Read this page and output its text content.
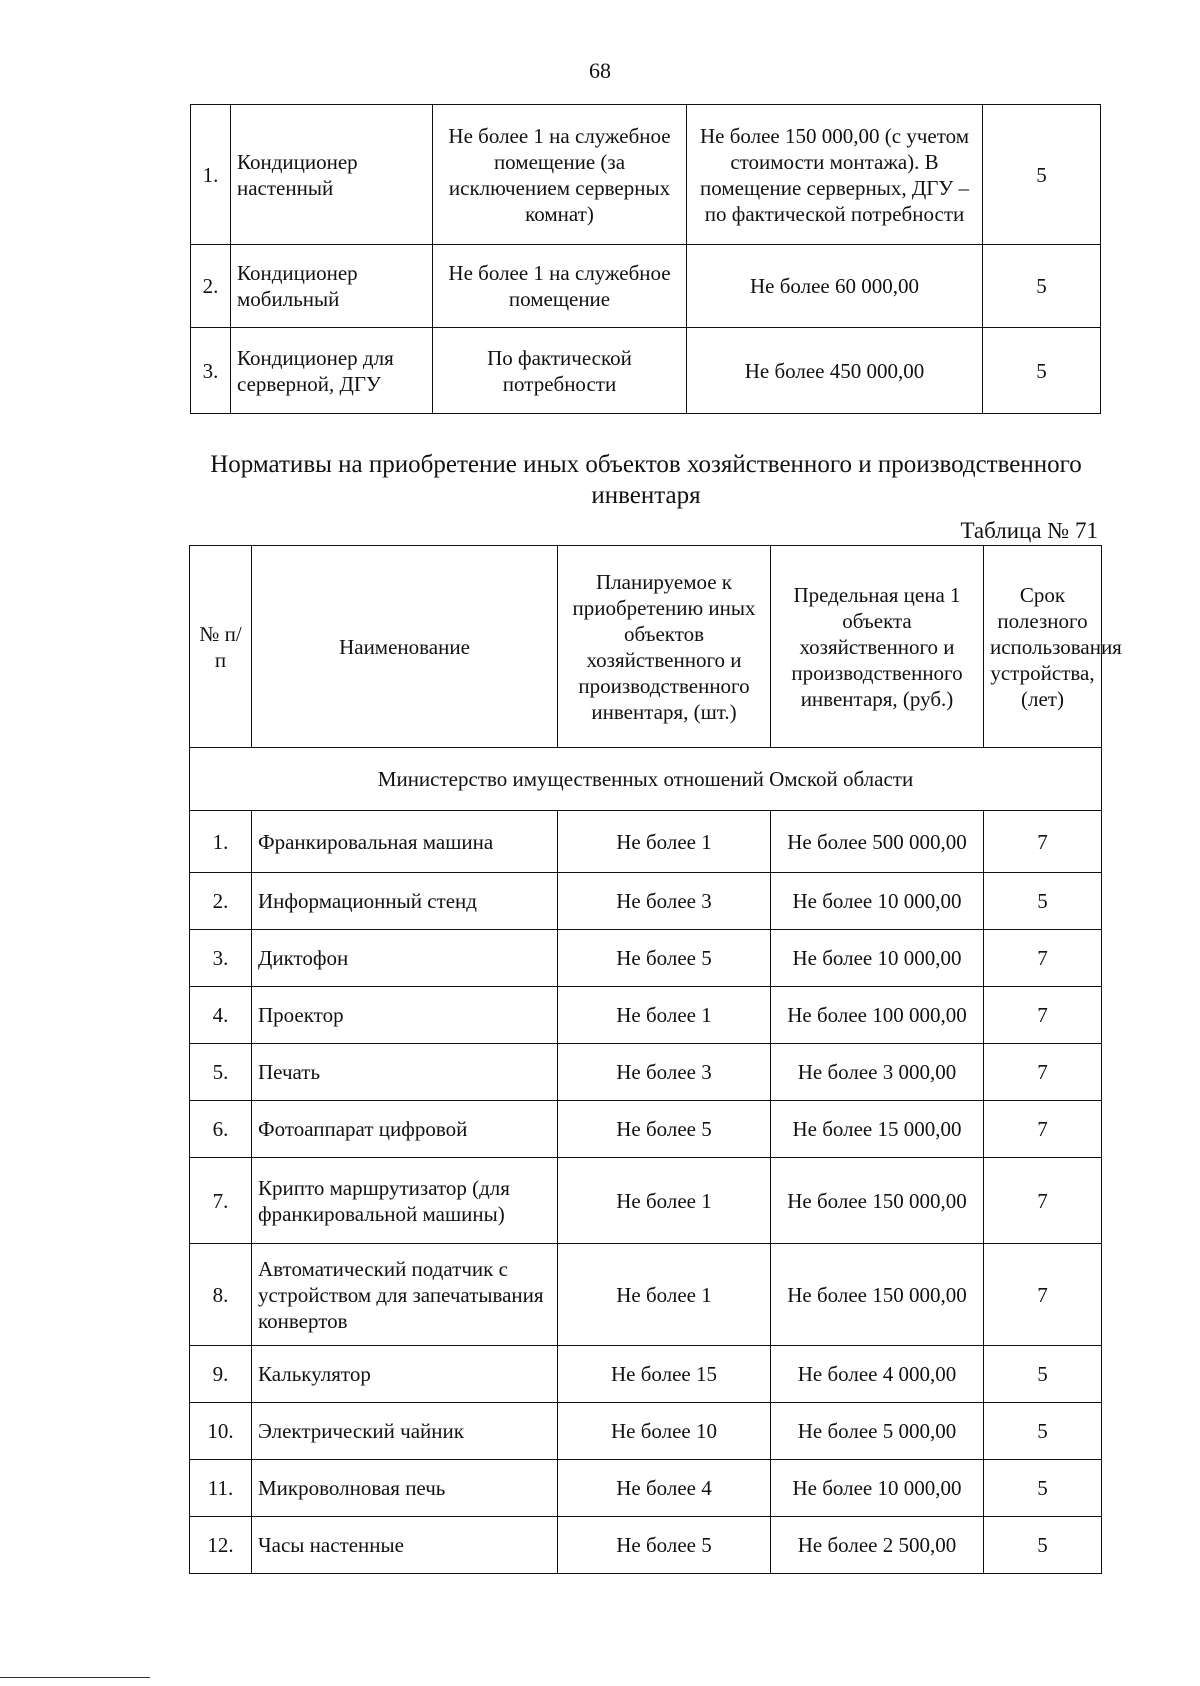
68
1.	Кондиционер настенный	Не более 1 на служебное помещение (за исключением серверных комнат)	Не более 150 000,00 (с учетом стоимости монтажа). В помещение серверных, ДГУ – по фактической потребности	5
2.	Кондиционер мобильный	Не более 1 на служебное помещение	Не более 60 000,00	5
3.	Кондиционер для серверной, ДГУ	По фактической потребности	Не более 450 000,00	5
Нормативы на приобретение иных объектов хозяйственного и производственного инвентаря
Таблица № 71
№ п/п	Наименование	Планируемое к приобретению иных объектов хозяйственного и производственного инвентаря, (шт.)	Предельная цена 1 объекта хозяйственного и производственного инвентаря, (руб.)	Срок полезного использования устройства, (лет)
Министерство имущественных отношений Омской области				
1.	Франкировальная машина	Не более 1	Не более 500 000,00	7
2.	Информационный стенд	Не более 3	Не более 10 000,00	5
3.	Диктофон	Не более 5	Не более 10 000,00	7
4.	Проектор	Не более 1	Не более 100 000,00	7
5.	Печать	Не более 3	Не более 3 000,00	7
6.	Фотоаппарат цифровой	Не более 5	Не более 15 000,00	7
7.	Крипто маршрутизатор (для франкировальной машины)	Не более 1	Не более 150 000,00	7
8.	Автоматический податчик с устройством для запечатывания конвертов	Не более 1	Не более 150 000,00	7
9.	Калькулятор	Не более 15	Не более 4 000,00	5
10.	Электрический чайник	Не более 10	Не более 5 000,00	5
11.	Микроволновая печь	Не более 4	Не более 10 000,00	5
12.	Часы настенные	Не более 5	Не более 2 500,00	5
